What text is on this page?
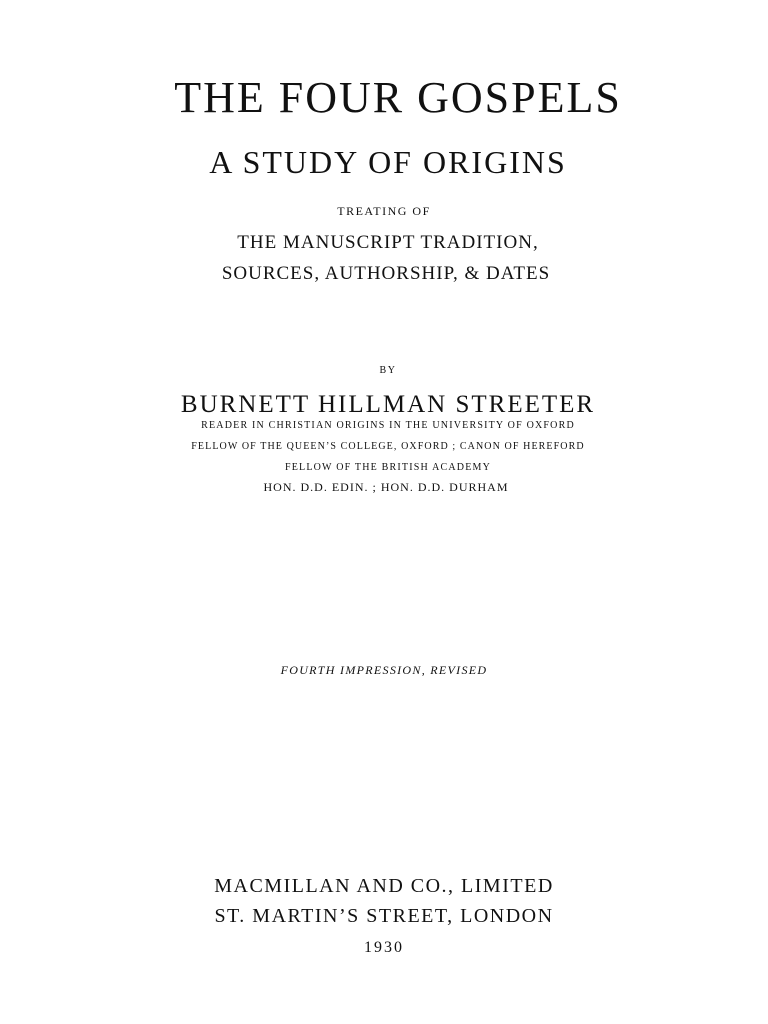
THE FOUR GOSPELS
A STUDY OF ORIGINS
TREATING OF
THE MANUSCRIPT TRADITION,
SOURCES, AUTHORSHIP, & DATES
BY
BURNETT HILLMAN STREETER
READER IN CHRISTIAN ORIGINS IN THE UNIVERSITY OF OXFORD
FELLOW OF THE QUEEN’S COLLEGE, OXFORD ; CANON OF HEREFORD
FELLOW OF THE BRITISH ACADEMY
HON. D.D. EDIN. ; HON. D.D. DURHAM
FOURTH IMPRESSION, REVISED
MACMILLAN AND CO., LIMITED
ST. MARTIN’S STREET, LONDON
1930
